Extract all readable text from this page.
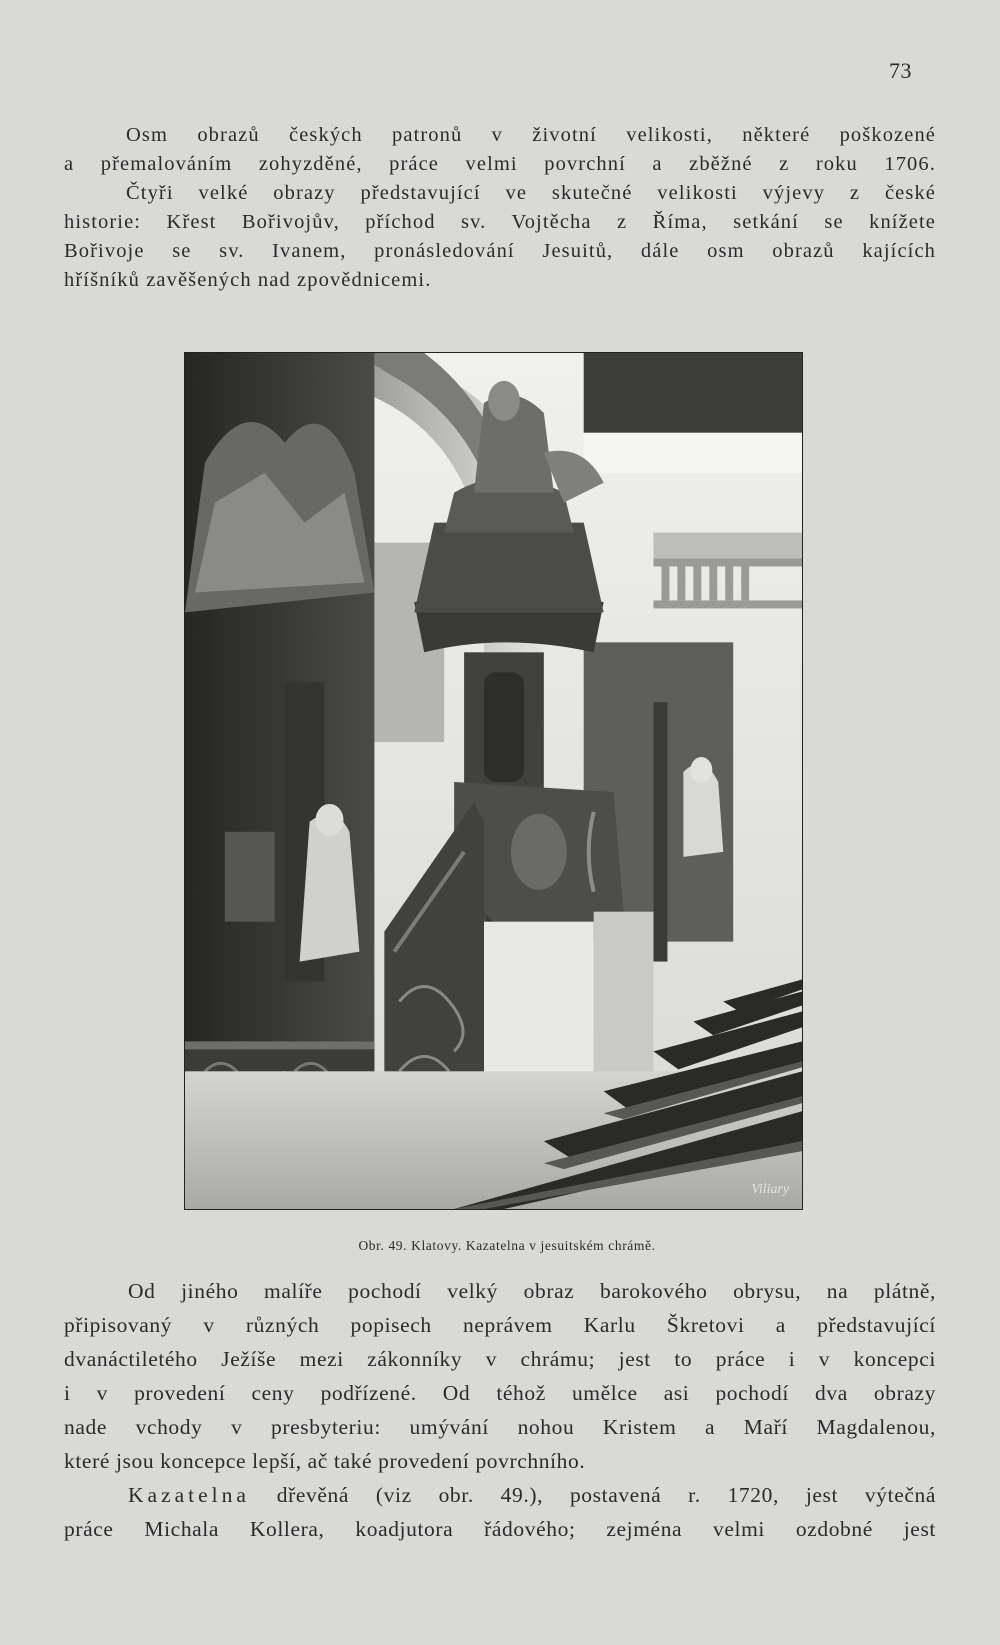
73
Osm obrazů českých patronů v životní velikosti, některé poškozené
a přemalováním zohyzděné, práce velmi povrchní a zběžné z roku 1706.
Čtyři velké obrazy představující ve skutečné velikosti výjevy z české
historie: Křest Bořivojův, příchod sv. Vojtěcha z Říma, setkání se knížete
Bořivoje se sv. Ivanem, pronásledování Jesuitů, dále osm obrazů kajících
hříšníků zavěšených nad zpovědnicemi.
Viliary
Obr. 49. Klatovy. Kazatelna v jesuitském chrámě.
Od jiného malíře pochodí velký obraz barokového obrysu, na plátně,
připisovaný v různých popisech neprávem Karlu Škretovi a představující
dvanáctiletého Ježíše mezi zákonníky v chrámu; jest to práce i v koncepci
i v provedení ceny podřízené. Od téhož umělce asi pochodí dva obrazy
nade vchody v presbyteriu: umývání nohou Kristem a Maří Magdalenou,
které jsou koncepce lepší, ač také provedení povrchního.
Kazatelna dřevěná (viz obr. 49.), postavená r. 1720, jest výtečná
práce Michala Kollera, koadjutora řádového; zejména velmi ozdobné jest
